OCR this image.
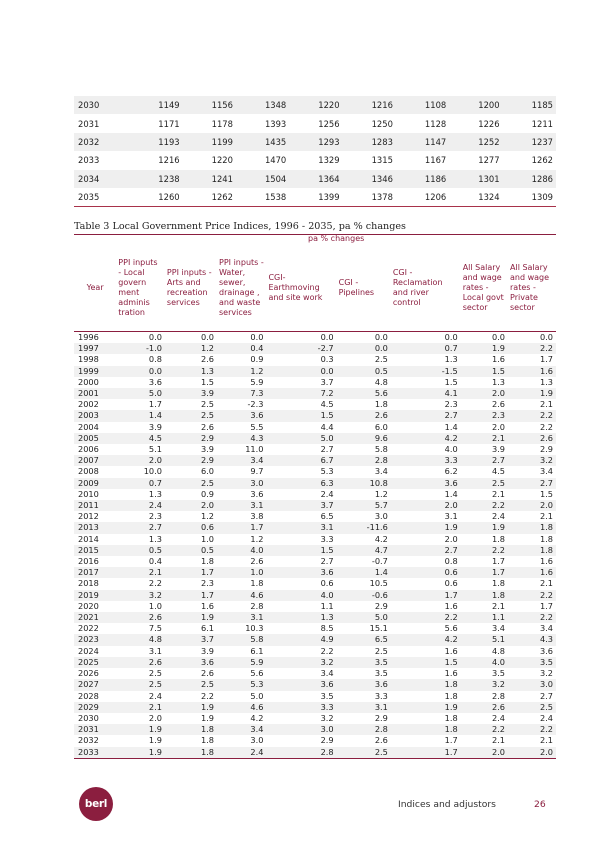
2030	1149	1156	1348	1220	1216	1108	1200	1185
2031	1171	1178	1393	1256	1250	1128	1226	1211
2032	1193	1199	1435	1293	1283	1147	1252	1237
2033	1216	1220	1470	1329	1315	1167	1277	1262
2034	1238	1241	1504	1364	1346	1186	1301	1286
2035	1260	1262	1538	1399	1378	1206	1324	1309
Table 3 Local Government Price Indices, 1996 - 2035, pa % changes
	pa % changes							
Year	PPI inputs - Local govern ment adminis tration	PPI inputs - Arts and recreation services	PPI inputs - Water, sewer, drainage , and waste services	CGI-Earthmoving and site work	CGI - Pipelines	CGI - Reclamation and river control	All Salary and wage rates - Local govt sector	All Salary and wage rates - Private sector
1996	0.0	0.0	0.0	0.0	0.0	0.0	0.0	0.0
1997	-1.0	1.2	0.4	-2.7	0.0	0.7	1.9	2.2
1998	0.8	2.6	0.9	0.3	2.5	1.3	1.6	1.7
1999	0.0	1.3	1.2	0.0	0.5	-1.5	1.5	1.6
2000	3.6	1.5	5.9	3.7	4.8	1.5	1.3	1.3
2001	5.0	3.9	7.3	7.2	5.6	4.1	2.0	1.9
2002	1.7	2.5	-2.3	4.5	1.8	2.3	2.6	2.1
2003	1.4	2.5	3.6	1.5	2.6	2.7	2.3	2.2
2004	3.9	2.6	5.5	4.4	6.0	1.4	2.0	2.2
2005	4.5	2.9	4.3	5.0	9.6	4.2	2.1	2.6
2006	5.1	3.9	11.0	2.7	5.8	4.0	3.9	2.9
2007	2.0	2.9	3.4	6.7	2.8	3.3	2.7	3.2
2008	10.0	6.0	9.7	5.3	3.4	6.2	4.5	3.4
2009	0.7	2.5	3.0	6.3	10.8	3.6	2.5	2.7
2010	1.3	0.9	3.6	2.4	1.2	1.4	2.1	1.5
2011	2.4	2.0	3.1	3.7	5.7	2.0	2.2	2.0
2012	2.3	1.2	3.8	6.5	3.0	3.1	2.4	2.1
2013	2.7	0.6	1.7	3.1	-11.6	1.9	1.9	1.8
2014	1.3	1.0	1.2	3.3	4.2	2.0	1.8	1.8
2015	0.5	0.5	4.0	1.5	4.7	2.7	2.2	1.8
2016	0.4	1.8	2.6	2.7	-0.7	0.8	1.7	1.6
2017	2.1	1.7	1.0	3.6	1.4	0.6	1.7	1.6
2018	2.2	2.3	1.8	0.6	10.5	0.6	1.8	2.1
2019	3.2	1.7	4.6	4.0	-0.6	1.7	1.8	2.2
2020	1.0	1.6	2.8	1.1	2.9	1.6	2.1	1.7
2021	2.6	1.9	3.1	1.3	5.0	2.2	1.1	2.2
2022	7.5	6.1	10.3	8.5	15.1	5.6	3.4	3.4
2023	4.8	3.7	5.8	4.9	6.5	4.2	5.1	4.3
2024	3.1	3.9	6.1	2.2	2.5	1.6	4.8	3.6
2025	2.6	3.6	5.9	3.2	3.5	1.5	4.0	3.5
2026	2.5	2.6	5.6	3.4	3.5	1.6	3.5	3.2
2027	2.5	2.5	5.3	3.6	3.6	1.8	3.2	3.0
2028	2.4	2.2	5.0	3.5	3.3	1.8	2.8	2.7
2029	2.1	1.9	4.6	3.3	3.1	1.9	2.6	2.5
2030	2.0	1.9	4.2	3.2	2.9	1.8	2.4	2.4
2031	1.9	1.8	3.4	3.0	2.8	1.8	2.2	2.2
2032	1.9	1.8	3.0	2.9	2.6	1.7	2.1	2.1
2033	1.9	1.8	2.4	2.8	2.5	1.7	2.0	2.0
berl	Indices and adjustors	26
